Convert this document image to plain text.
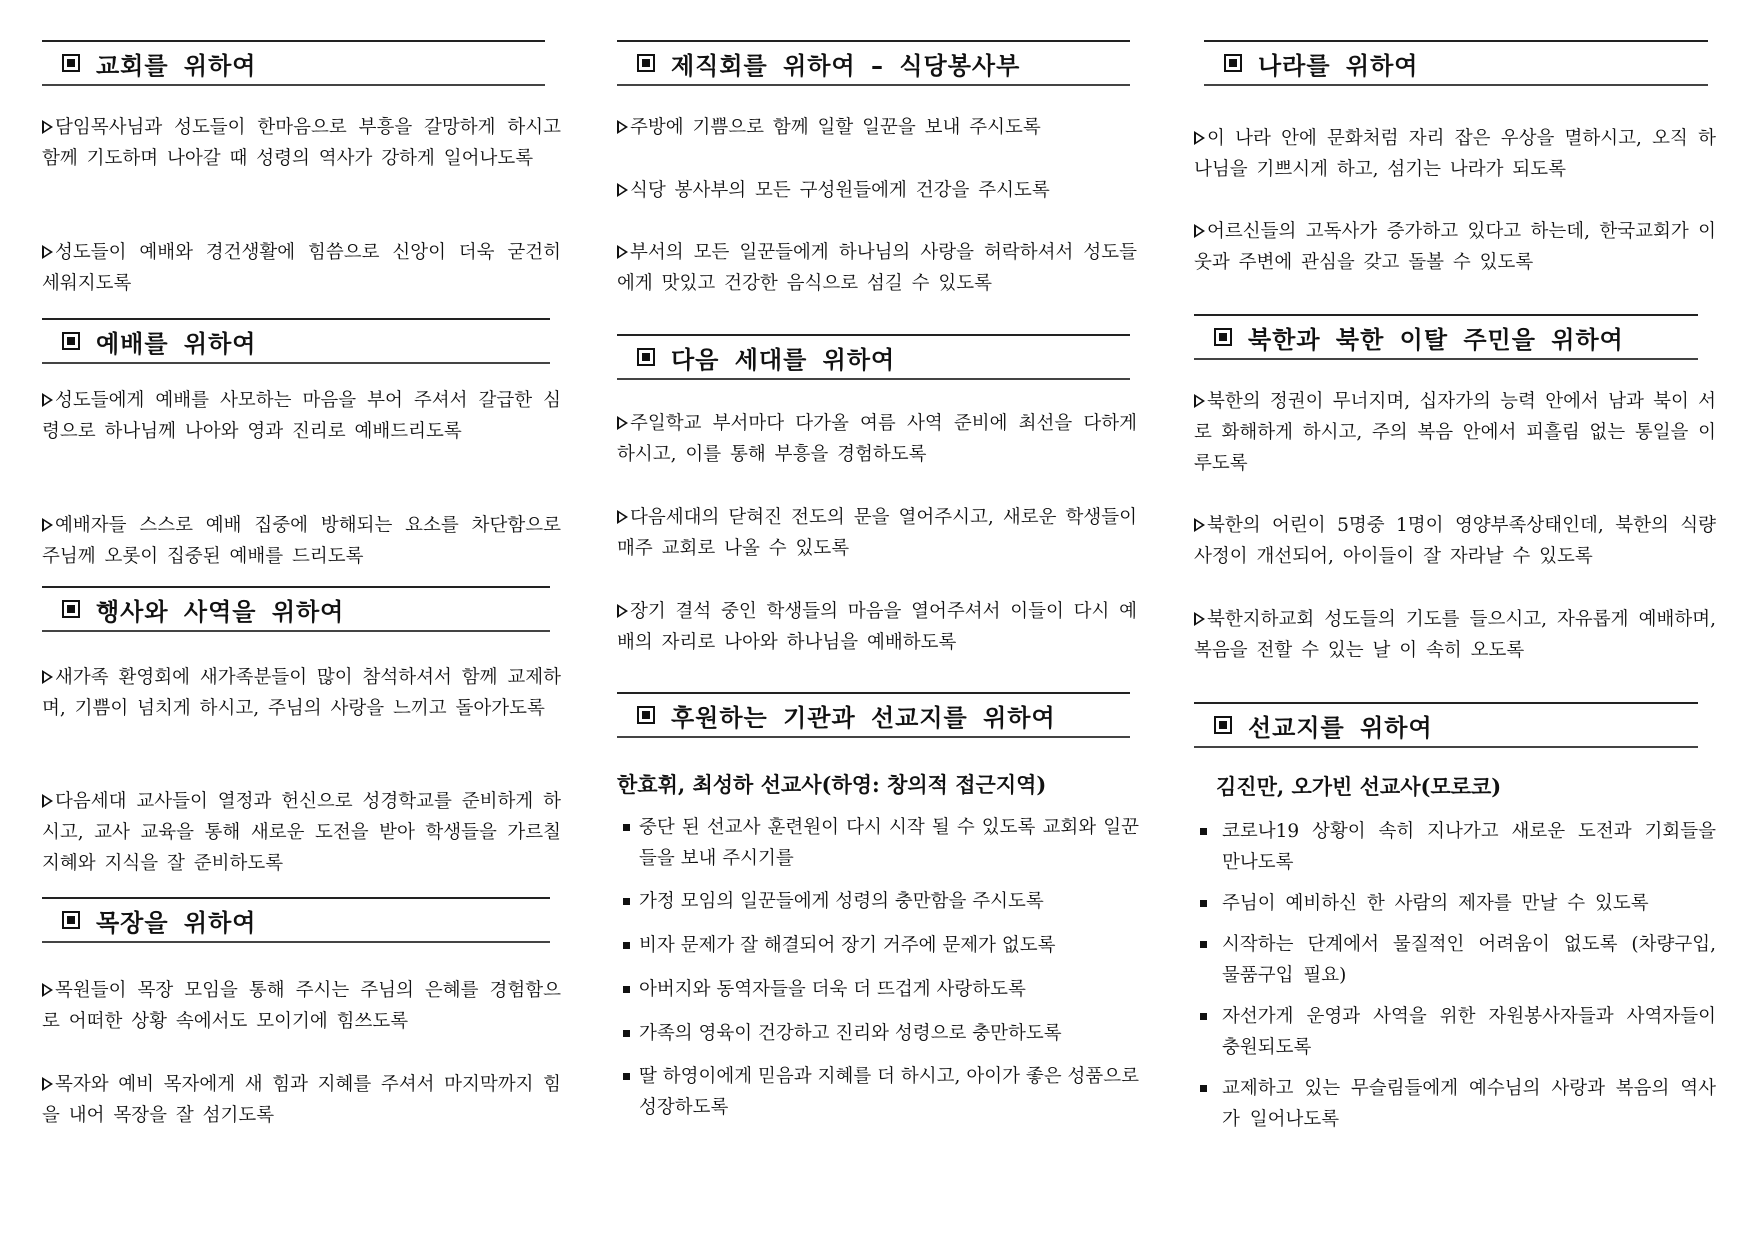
교회를 위하여

담임목사님과 성도들이 한마음으로 부흥을 갈망하게 하시고 함께 기도하며 나아갈 때 성령의 역사가 강하게 일어나도록

성도들이 예배와 경건생활에 힘씀으로 신앙이 더욱 굳건히 세워지도록

예배를 위하여

성도들에게 예배를 사모하는 마음을 부어 주셔서 갈급한 심령으로 하나님께 나아와 영과 진리로 예배드리도록

예배자들 스스로 예배 집중에 방해되는 요소를 차단함으로 주님께 오롯이 집중된 예배를 드리도록

행사와 사역을 위하여

새가족 환영회에 새가족분들이 많이 참석하셔서 함께 교제하며, 기쁨이 넘치게 하시고, 주님의 사랑을 느끼고 돌아가도록

다음세대 교사들이 열정과 헌신으로 성경학교를 준비하게 하시고, 교사 교육을 통해 새로운 도전을 받아 학생들을 가르칠 지혜와 지식을 잘 준비하도록

목장을 위하여

목원들이 목장 모임을 통해 주시는 주님의 은혜를 경험함으로 어떠한 상황 속에서도 모이기에 힘쓰도록

목자와 예비 목자에게 새 힘과 지혜를 주셔서 마지막까지 힘을 내어 목장을 잘 섬기도록

제직회를 위하여 – 식당봉사부

주방에 기쁨으로 함께 일할 일꾼을 보내 주시도록

식당 봉사부의 모든 구성원들에게 건강을 주시도록

부서의 모든 일꾼들에게 하나님의 사랑을 허락하셔서 성도들에게 맛있고 건강한 음식으로 섬길 수 있도록

다음 세대를 위하여

주일학교 부서마다 다가올 여름 사역 준비에 최선을 다하게 하시고, 이를 통해 부흥을 경험하도록

다음세대의 닫혀진 전도의 문을 열어주시고, 새로운 학생들이 매주 교회로 나올 수 있도록

장기 결석 중인 학생들의 마음을 열어주셔서 이들이 다시 예배의 자리로 나아와 하나님을 예배하도록

후원하는 기관과 선교지를 위하여

한효휘, 최성하 선교사(하영: 창의적 접근지역)

중단 된 선교사 훈련원이 다시 시작 될 수 있도록 교회와 일꾼들을 보내 주시기를
가정 모임의 일꾼들에게 성령의 충만함을 주시도록
비자 문제가 잘 해결되어 장기 거주에 문제가 없도록
아버지와 동역자들을 더욱 더 뜨겁게 사랑하도록
가족의 영육이 건강하고 진리와 성령으로 충만하도록
딸 하영이에게 믿음과 지혜를 더 하시고, 아이가 좋은 성품으로 성장하도록
나라를 위하여

이 나라 안에 문화처럼 자리 잡은 우상을 멸하시고, 오직 하나님을 기쁘시게 하고, 섬기는 나라가 되도록

어르신들의 고독사가 증가하고 있다고 하는데, 한국교회가 이웃과 주변에 관심을 갖고 돌볼 수 있도록

북한과 북한 이탈 주민을 위하여

북한의 정권이 무너지며, 십자가의 능력 안에서 남과 북이 서로 화해하게 하시고, 주의 복음 안에서 피흘림 없는 통일을 이루도록

북한의 어린이 5명중 1명이 영양부족상태인데, 북한의 식량 사정이 개선되어, 아이들이 잘 자라날 수 있도록

북한지하교회 성도들의 기도를 들으시고, 자유롭게 예배하며, 복음을 전할 수 있는 날 이 속히 오도록

선교지를 위하여

김진만, 오가빈 선교사(모로코)

코로나19 상황이 속히 지나가고 새로운 도전과 기회들을 만나도록
주님이 예비하신 한 사람의 제자를 만날 수 있도록
시작하는 단계에서 물질적인 어려움이 없도록 (차량구입, 물품구입 필요)
자선가게 운영과 사역을 위한 자원봉사자들과 사역자들이 충원되도록
교제하고 있는 무슬림들에게 예수님의 사랑과 복음의 역사가 일어나도록
